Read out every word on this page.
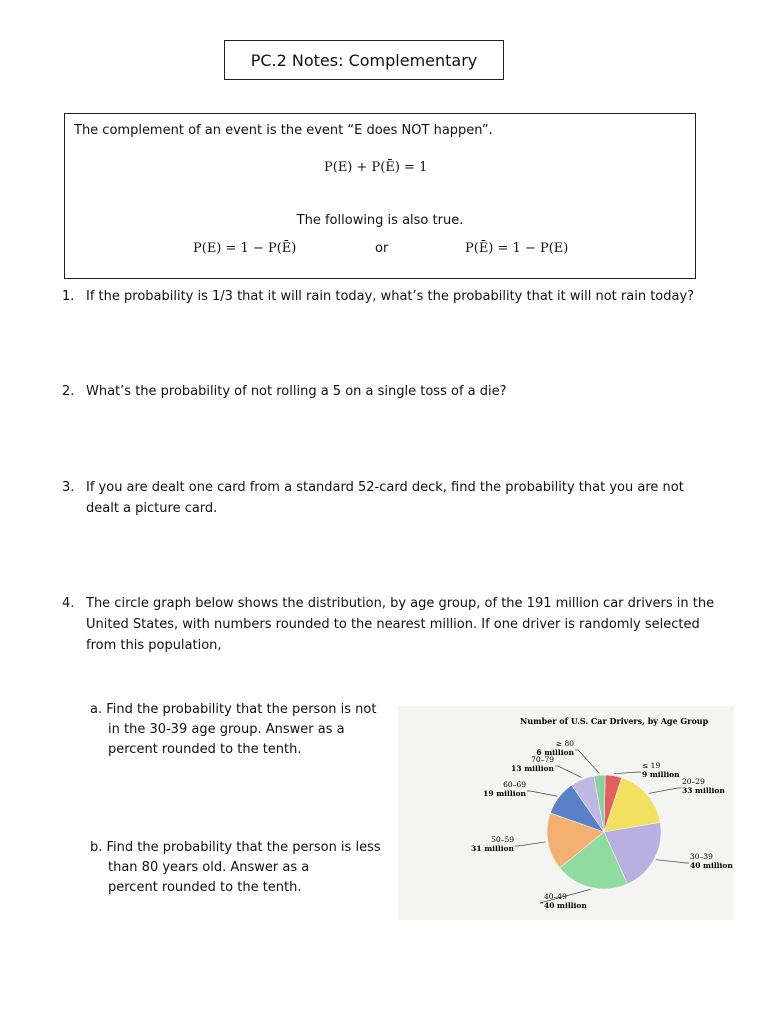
PC.2 Notes: Complementary
The complement of an event is the event “E does NOT happen”.
P(E) + P(Ē) = 1
The following is also true.
P(E) = 1 − P(Ē)	or	P(Ē) = 1 − P(E)
1. If the probability is 1/3 that it will rain today, what’s the probability that it will not rain today?
2. What’s the probability of not rolling a 5 on a single toss of a die?
3. If you are dealt one card from a standard 52-card deck, find the probability that you are not
dealt a picture card.
4. The circle graph below shows the distribution, by age group, of the 191 million car drivers in the
United States, with numbers rounded to the nearest million. If one driver is randomly selected
from this population,
a. Find the probability that the person is not
in the 30-39 age group. Answer as a
percent rounded to the tenth.
b. Find the probability that the person is less
than 80 years old. Answer as a
percent rounded to the tenth.
Number of U.S. Car Drivers, by Age Group
≤ 19
9 million
20–29
33 million
30–39
40 million
40–49
40 million
50–59
31 million
60–69
19 million
70–79
13 million
≥ 80
6 million
